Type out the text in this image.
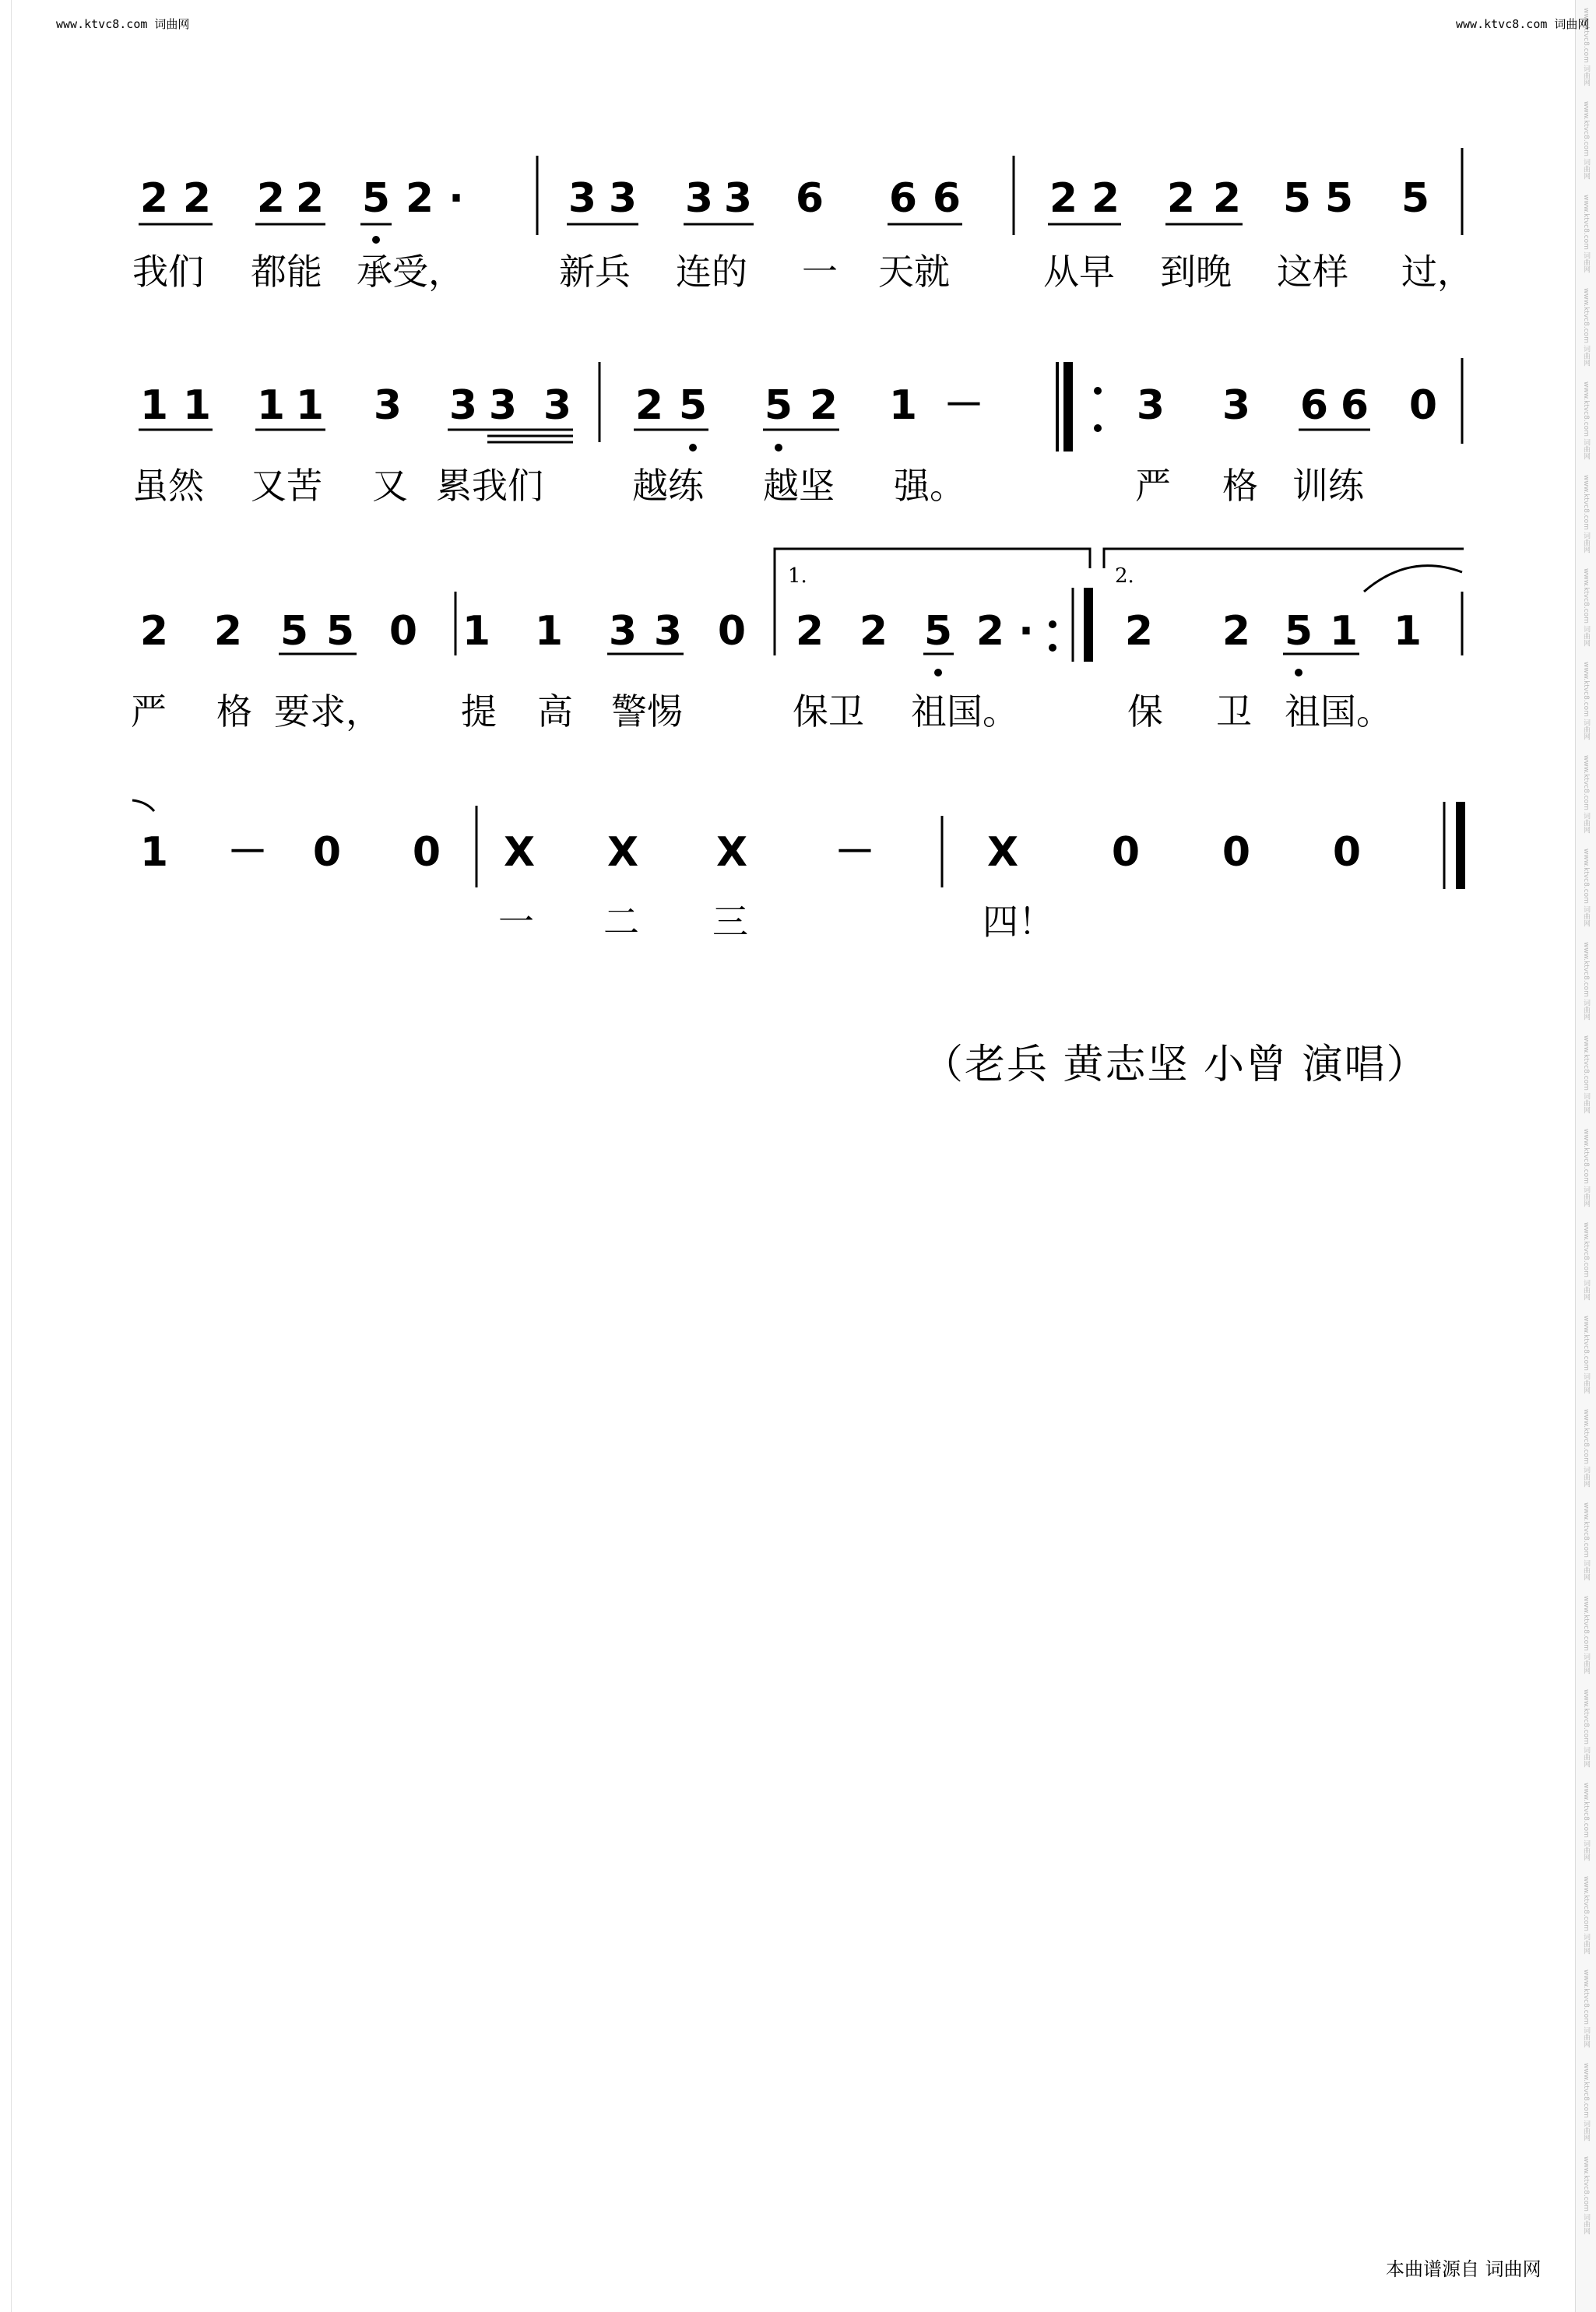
www.ktvc8.com 词曲网
www.ktvc8.com 词曲网
www.ktvc8.com 词曲网
www.ktvc8.com 词曲网
www.ktvc8.com 词曲网
www.ktvc8.com 词曲网
www.ktvc8.com 词曲网
www.ktvc8.com 词曲网
www.ktvc8.com 词曲网
www.ktvc8.com 词曲网
www.ktvc8.com 词曲网
www.ktvc8.com 词曲网
www.ktvc8.com 词曲网
www.ktvc8.com 词曲网
www.ktvc8.com 词曲网
www.ktvc8.com 词曲网
www.ktvc8.com 词曲网
www.ktvc8.com 词曲网
www.ktvc8.com 词曲网
www.ktvc8.com 词曲网
www.ktvc8.com 词曲网
www.ktvc8.com 词曲网
www.ktvc8.com 词曲网
www.ktvc8.com 词曲网
www.ktvc8.com 词曲网	www.ktvc8.com 词曲网
1.	2.
2 2 2 2 5 2 ·	3 3 3 3 6 6 6 2 2 2 2 5 5 5
1 1 1 1 3 3 3 3 2 5 5 2 1 －	3 3 6 6 0
2 2 5 5 0 1 1 3 3 0 2 2 5 2 · 2 2 5 1 1
1 － 0 0 X X X －	X 0 0 0
我们 都能 承受，	新兵 连的 一 天就	从早 到晚 这样 过，
虽然 又苦 又 累我们 越练 越坚 强。	严 格 训练
严 格 要求， 提 高 警惕	保卫 祖国。	保 卫 祖国。
一 二 三	四！
（老兵 黄志坚 小曾 演唱）
本曲谱源自 词曲网
